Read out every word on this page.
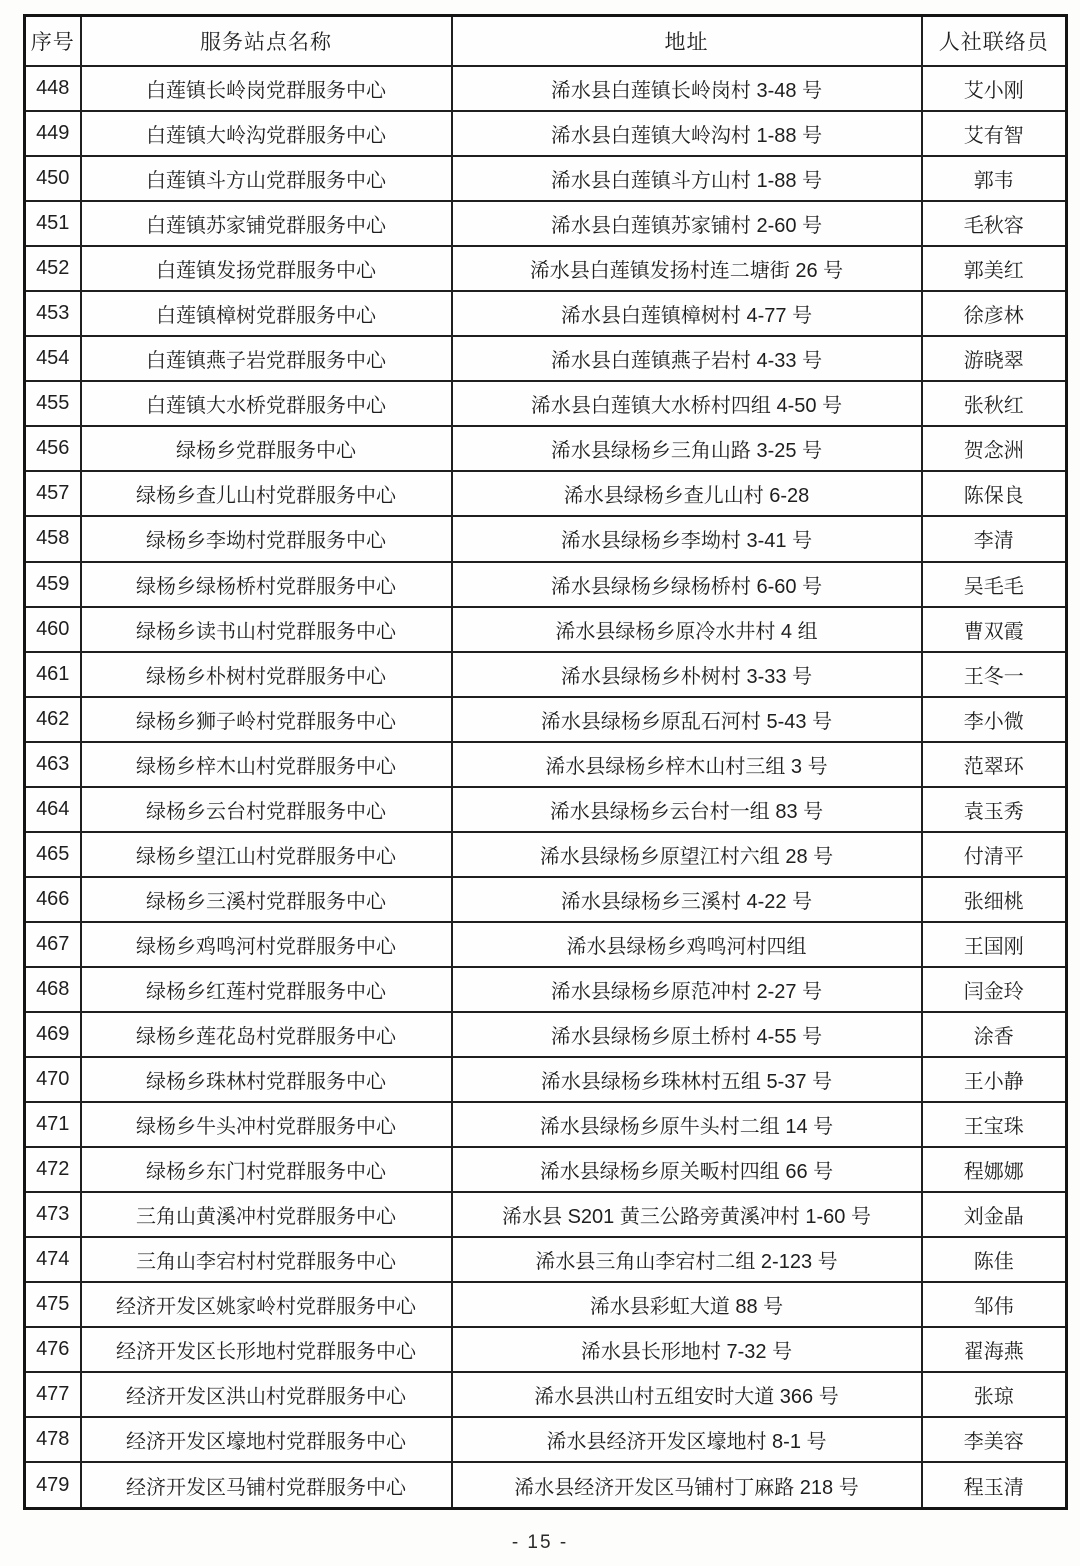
序号	服务站点名称	地址	人社联络员
448	白莲镇长岭岗党群服务中心	浠水县白莲镇长岭岗村 3-48 号	艾小刚
449	白莲镇大岭沟党群服务中心	浠水县白莲镇大岭沟村 1-88 号	艾有智
450	白莲镇斗方山党群服务中心	浠水县白莲镇斗方山村 1-88 号	郭韦
451	白莲镇苏家铺党群服务中心	浠水县白莲镇苏家铺村 2-60 号	毛秋容
452	白莲镇发扬党群服务中心	浠水县白莲镇发扬村连二塘街 26 号	郭美红
453	白莲镇樟树党群服务中心	浠水县白莲镇樟树村 4-77 号	徐彦林
454	白莲镇燕子岩党群服务中心	浠水县白莲镇燕子岩村 4-33 号	游晓翠
455	白莲镇大水桥党群服务中心	浠水县白莲镇大水桥村四组 4-50 号	张秋红
456	绿杨乡党群服务中心	浠水县绿杨乡三角山路 3-25 号	贺念洲
457	绿杨乡查儿山村党群服务中心	浠水县绿杨乡查儿山村 6-28	陈保良
458	绿杨乡李坳村党群服务中心	浠水县绿杨乡李坳村 3-41 号	李清
459	绿杨乡绿杨桥村党群服务中心	浠水县绿杨乡绿杨桥村 6-60 号	吴毛毛
460	绿杨乡读书山村党群服务中心	浠水县绿杨乡原冷水井村 4 组	曹双霞
461	绿杨乡朴树村党群服务中心	浠水县绿杨乡朴树村 3-33 号	王冬一
462	绿杨乡狮子岭村党群服务中心	浠水县绿杨乡原乱石河村 5-43 号	李小微
463	绿杨乡梓木山村党群服务中心	浠水县绿杨乡梓木山村三组 3 号	范翠环
464	绿杨乡云台村党群服务中心	浠水县绿杨乡云台村一组 83 号	袁玉秀
465	绿杨乡望江山村党群服务中心	浠水县绿杨乡原望江村六组 28 号	付清平
466	绿杨乡三溪村党群服务中心	浠水县绿杨乡三溪村 4-22 号	张细桃
467	绿杨乡鸡鸣河村党群服务中心	浠水县绿杨乡鸡鸣河村四组	王国刚
468	绿杨乡红莲村党群服务中心	浠水县绿杨乡原范冲村 2-27 号	闫金玲
469	绿杨乡莲花岛村党群服务中心	浠水县绿杨乡原土桥村 4-55 号	涂香
470	绿杨乡珠林村党群服务中心	浠水县绿杨乡珠林村五组 5-37 号	王小静
471	绿杨乡牛头冲村党群服务中心	浠水县绿杨乡原牛头村二组 14 号	王宝珠
472	绿杨乡东门村党群服务中心	浠水县绿杨乡原关畈村四组 66 号	程娜娜
473	三角山黄溪冲村党群服务中心	浠水县 S201 黄三公路旁黄溪冲村 1-60 号	刘金晶
474	三角山李宕村村党群服务中心	浠水县三角山李宕村二组 2-123 号	陈佳
475	经济开发区姚家岭村党群服务中心	浠水县彩虹大道 88 号	邹伟
476	经济开发区长形地村党群服务中心	浠水县长形地村 7-32 号	翟海燕
477	经济开发区洪山村党群服务中心	浠水县洪山村五组安时大道 366 号	张琼
478	经济开发区壕地村党群服务中心	浠水县经济开发区壕地村 8-1 号	李美容
479	经济开发区马铺村党群服务中心	浠水县经济开发区马铺村丁麻路 218 号	程玉清
- 15 -
